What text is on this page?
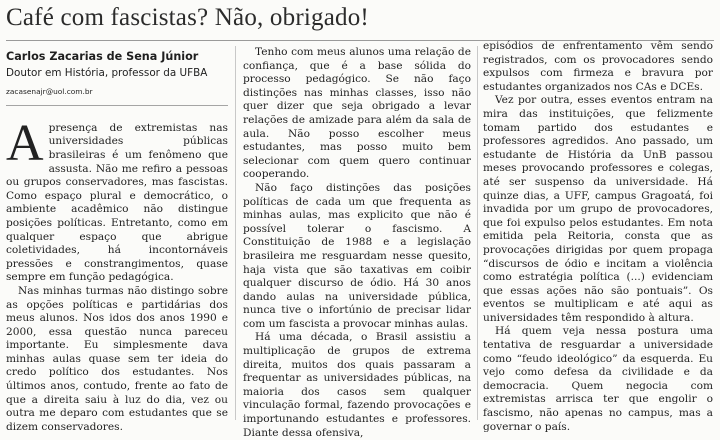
Café com fascistas? Não, obrigado!

Carlos Zacarias de Sena Júnior

Doutor em História, professor da UFBA

zacasenajr@uol.com.br

Apresença de extremistas nas universidades públicas brasileiras é um fenômeno que assusta. Não me refiro a pessoas ou grupos conservadores, mas fascistas. Como espaço plural e democrático, o ambiente acadêmico não distingue posições políticas. Entretanto, como em qualquer espaço que abrigue coletividades, há incontornáveis pressões e constrangimentos, quase sempre em função pedagógica.

Nas minhas turmas não distingo sobre as opções políticas e partidárias dos meus alunos. Nos idos dos anos 1990 e 2000, essa questão nunca pareceu importante. Eu simplesmente dava minhas aulas quase sem ter ideia do credo político dos estudantes. Nos últimos anos, contudo, frente ao fato de que a direita saiu à luz do dia, vez ou outra me deparo com estudantes que se dizem conservadores.

Tenho com meus alunos uma relação de confiança, que é a base sólida do processo pedagógico. Se não faço distinções nas minhas classes, isso não quer dizer que seja obrigado a levar relações de amizade para além da sala de aula. Não posso escolher meus estudantes, mas posso muito bem selecionar com quem quero continuar cooperando.

Não faço distinções das posições políticas de cada um que frequenta as minhas aulas, mas explicito que não é possível tolerar o fascismo. A Constituição de 1988 e a legislação brasileira me resguardam nesse quesito, haja vista que são taxativas em coibir qualquer discurso de ódio. Há 30 anos dando aulas na universidade pública, nunca tive o infortúnio de precisar lidar com um fascista a provocar minhas aulas.

Há uma década, o Brasil assistiu a multiplicação de grupos de extrema direita, muitos dos quais passaram a frequentar as universidades públicas, na maioria dos casos sem qualquer vinculação formal, fazendo provocações e importunando estudantes e professores. Diante dessa ofensiva,

episódios de enfrentamento vêm sendo registrados, com os provocadores sendo expulsos com firmeza e bravura por estudantes organizados nos CAs e DCEs.

Vez por outra, esses eventos entram na mira das instituições, que felizmente tomam partido dos estudantes e professores agredidos. Ano passado, um estudante de História da UnB passou meses provocando professores e colegas, até ser suspenso da universidade. Há quinze dias, a UFF, campus Gragoatá, foi invadida por um grupo de provocadores, que foi expulso pelos estudantes. Em nota emitida pela Reitoria, consta que as provocações dirigidas por quem propaga “discursos de ódio e incitam a violência como estratégia política (...) evidenciam que essas ações não são pontuais”. Os eventos se multiplicam e até aqui as universidades têm respondido à altura.

Há quem veja nessa postura uma tentativa de resguardar a universidade como “feudo ideológico” da esquerda. Eu vejo como defesa da civilidade e da democracia. Quem negocia com extremistas arrisca ter que engolir o fascismo, não apenas no campus, mas a governar o país.
